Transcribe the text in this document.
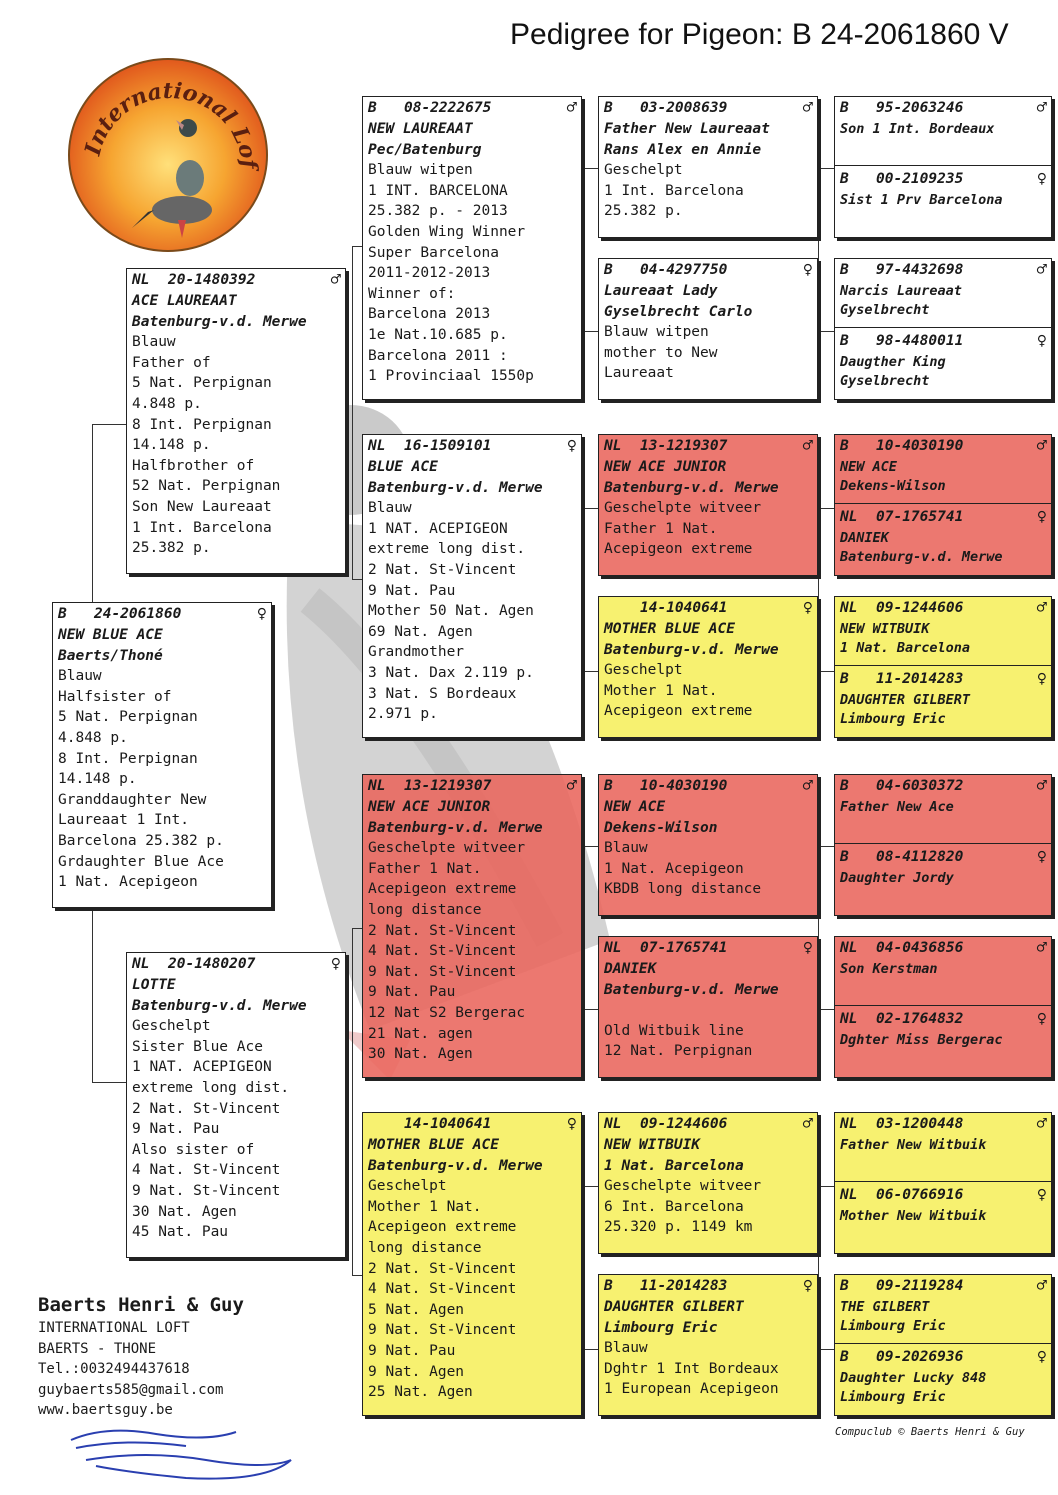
Pedigree for Pigeon: B 24-2061860 V
International Lof
B	24-2061860	♀
NEW BLUE ACE
Baerts/Thoné
Blauw
Halfsister of
5 Nat. Perpignan
4.848 p.
8 Int. Perpignan
14.148 p.
Granddaughter New
Laureaat 1 Int.
Barcelona 25.382 p.
Grdaughter Blue Ace
1 Nat. Acepigeon
NL	20-1480392	♂
ACE LAUREAAT
Batenburg-v.d. Merwe
Blauw
Father of
5 Nat. Perpignan
4.848 p.
8 Int. Perpignan
14.148 p.
Halfbrother of
52 Nat. Perpignan
Son New Laureaat
1 Int. Barcelona
25.382 p.
NL	20-1480207	♀
LOTTE
Batenburg-v.d. Merwe
Geschelpt
Sister Blue Ace
1 NAT. ACEPIGEON
extreme long dist.
2 Nat. St-Vincent
9 Nat. Pau
Also sister of
4 Nat. St-Vincent
9 Nat. St-Vincent
30 Nat. Agen
45 Nat. Pau
B	08-2222675	♂
NEW LAUREAAT
Pec/Batenburg
Blauw witpen
1 INT. BARCELONA
25.382 p. - 2013
Golden Wing Winner
Super Barcelona
2011-2012-2013
Winner of:
Barcelona 2013
1e Nat.10.685 p.
Barcelona 2011 :
1 Provinciaal 1550p
NL	16-1509101	♀
BLUE ACE
Batenburg-v.d. Merwe
Blauw
1 NAT. ACEPIGEON
extreme long dist.
2 Nat. St-Vincent
9 Nat. Pau
Mother 50 Nat. Agen
69 Nat. Agen
Grandmother
3 Nat. Dax 2.119 p.
3 Nat. S Bordeaux
2.971 p.
NL	13-1219307	♂
NEW ACE JUNIOR
Batenburg-v.d. Merwe
Geschelpte witveer
Father 1 Nat.
Acepigeon extreme
long distance
2 Nat. St-Vincent
4 Nat. St-Vincent
9 Nat. St-Vincent
9 Nat. Pau
12 Nat S2 Bergerac
21 Nat. agen
30 Nat. Agen
14-1040641	♀
MOTHER BLUE ACE
Batenburg-v.d. Merwe
Geschelpt
Mother 1 Nat.
Acepigeon extreme
long distance
2 Nat. St-Vincent
4 Nat. St-Vincent
5 Nat. Agen
9 Nat. St-Vincent
9 Nat. Pau
9 Nat. Agen
25 Nat. Agen
B	03-2008639	♂
Father New Laureaat
Rans Alex en Annie
Geschelpt
1 Int. Barcelona
25.382 p.
B	04-4297750	♀
Laureaat Lady
Gyselbrecht Carlo
Blauw witpen
mother to New
Laureaat
NL	13-1219307	♂
NEW ACE JUNIOR
Batenburg-v.d. Merwe
Geschelpte witveer
Father 1 Nat.
Acepigeon extreme
14-1040641	♀
MOTHER BLUE ACE
Batenburg-v.d. Merwe
Geschelpt
Mother 1 Nat.
Acepigeon extreme
B	10-4030190	♂
NEW ACE
Dekens-Wilson
Blauw
1 Nat. Acepigeon
KBDB long distance
NL	07-1765741	♀
DANIEK
Batenburg-v.d. Merwe

Old Witbuik line
12 Nat. Perpignan
NL	09-1244606	♂
NEW WITBUIK
1 Nat. Barcelona
Geschelpte witveer
6 Int. Barcelona
25.320 p. 1149 km
B	11-2014283	♀
DAUGHTER GILBERT
Limbourg Eric
Blauw
Dghtr 1 Int Bordeaux
1 European Acepigeon
B	95-2063246	♂
Son 1 Int. Bordeaux
B	00-2109235	♀
Sist 1 Prv Barcelona
B	97-4432698	♂
Narcis Laureaat
Gyselbrecht
B	98-4480011	♀
Daugther King
Gyselbrecht
B	10-4030190	♂
NEW ACE
Dekens-Wilson
NL	07-1765741	♀
DANIEK
Batenburg-v.d. Merwe
NL	09-1244606	♂
NEW WITBUIK
1 Nat. Barcelona
B	11-2014283	♀
DAUGHTER GILBERT
Limbourg Eric
B	04-6030372	♂
Father New Ace
B	08-4112820	♀
Daughter Jordy
NL	04-0436856	♂
Son Kerstman
NL	02-1764832	♀
Dghter Miss Bergerac
NL	03-1200448	♂
Father New Witbuik
NL	06-0766916	♀
Mother New Witbuik
B	09-2119284	♂
THE GILBERT
Limbourg Eric
B	09-2026936	♀
Daughter Lucky 848
Limbourg Eric
Baerts Henri & Guy
INTERNATIONAL LOFT
BAERTS - THONE
Tel.:0032494437618
guybaerts585@gmail.com
www.baertsguy.be
Compuclub © Baerts Henri & Guy
